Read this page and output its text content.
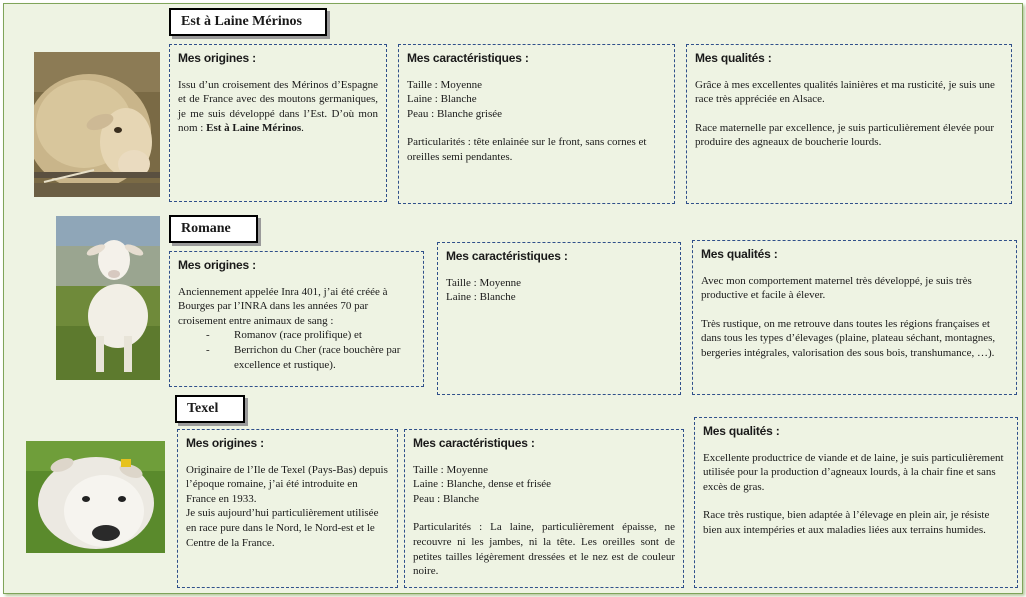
Est à Laine Mérinos
Mes origines :

Issu d’un croisement des Mérinos d’Espagne et de France avec des moutons germaniques, je me suis développé dans l’Est. D’où mon nom : Est à Laine Mérinos.

Mes caractéristiques :

Taille : Moyenne

Laine : Blanche

Peau : Blanche grisée

Particularités : tête enlainée sur le front, sans cornes et oreilles semi pendantes.

Mes qualités :

Grâce à mes excellentes qualités lainières et ma rusticité, je suis une race très appréciée en Alsace.

Race maternelle par excellence, je suis particulièrement élevée pour produire des agneaux de boucherie lourds.

Romane
Mes origines :

Anciennement appelée Inra 401, j’ai été créée à Bourges par l’INRA dans les années 70 par croisement entre animaux de sang :

- Romanov (race prolifique) et
- Berrichon du Cher (race bouchère par excellence et rustique).
Mes caractéristiques :

Taille : Moyenne

Laine : Blanche

Mes qualités :

Avec mon comportement maternel très développé, je suis très productive et facile à élever.

Très rustique, on me retrouve dans toutes les régions françaises et dans tous les types d’élevages (plaine, plateau séchant, montagnes, bergeries intégrales, valorisation des sous bois, transhumance, …).

Texel
Mes origines :

Originaire de l’Ile de Texel (Pays-Bas) depuis l’époque romaine, j’ai été introduite en France en 1933.

Je suis aujourd’hui particulièrement utilisée en race pure dans le Nord, le Nord-est et le Centre de la France.

Mes caractéristiques :

Taille : Moyenne

Laine : Blanche, dense et frisée

Peau : Blanche

Particularités : La laine, particulièrement épaisse, ne recouvre ni les jambes, ni la tête. Les oreilles sont de petites tailles légèrement dressées et le nez est de couleur noire.

Mes qualités :

Excellente productrice de viande et de laine, je suis particulièrement utilisée pour la production d’agneaux lourds, à la chair fine et sans excès de gras.

Race très rustique, bien adaptée à l’élevage en plein air, je résiste bien aux intempéries et aux maladies liées aux terrains humides.
